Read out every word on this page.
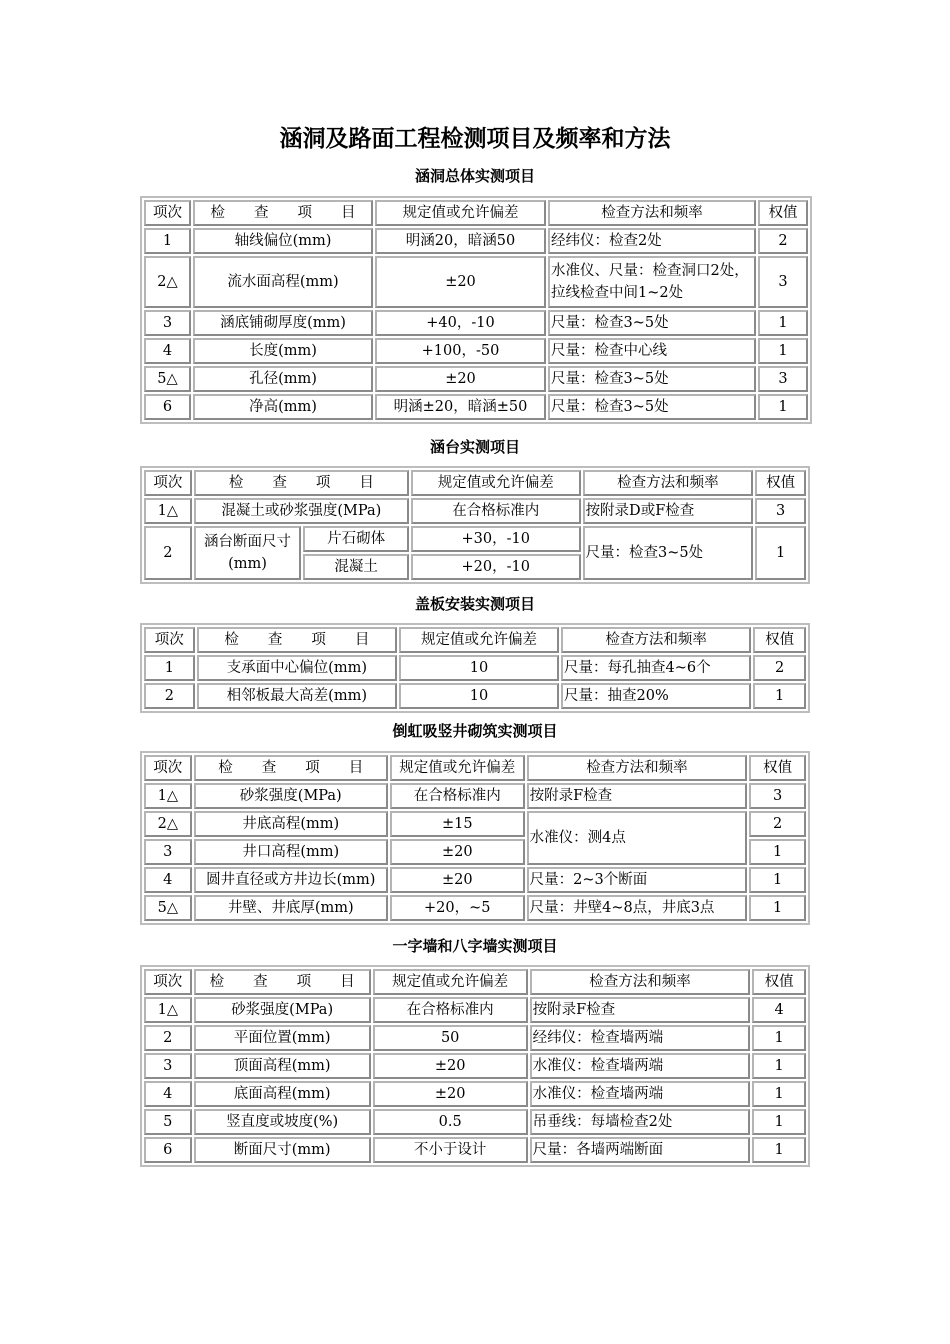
涵洞及路面工程检测项目及频率和方法
涵洞总体实测项目
项次	检　　查　　项　　目	规定值或允许偏差	检查方法和频率	权值
1	轴线偏位(mm)	明涵20，暗涵50	经纬仪：检查2处	2
2△	流水面高程(mm)	±20	水准仪、尺量：检查洞口2处，拉线检查中间1~2处	3
3	涵底铺砌厚度(mm)	+40，-10	尺量：检查3~5处	1
4	长度(mm)	+100，-50	尺量：检查中心线	1
5△	孔径(mm)	±20	尺量：检查3~5处	3
6	净高(mm)	明涵±20，暗涵±50	尺量：检查3~5处	1
涵台实测项目
项次	检　　查　　项　　目		规定值或允许偏差	检查方法和频率	权值
1△	混凝土或砂浆强度(MPa)		在合格标准内	按附录D或F检查	3
2	涵台断面尺寸(mm)	片石砌体	+30，-10	尺量：检查3~5处	1
		混凝土	+20，-10		
盖板安装实测项目
项次	检　　查　　项　　目	规定值或允许偏差	检查方法和频率	权值
1	支承面中心偏位(mm)	10	尺量：每孔抽查4~6个	2
2	相邻板最大高差(mm)	10	尺量：抽查20%	1
倒虹吸竖井砌筑实测项目
项次	检　　查　　项　　目	规定值或允许偏差	检查方法和频率	权值
1△	砂浆强度(MPa)	在合格标准内	按附录F检查	3
2△	井底高程(mm)	±15	水准仪：测4点	2
3	井口高程(mm)	±20		1
4	圆井直径或方井边长(mm)	±20	尺量：2~3个断面	1
5△	井壁、井底厚(mm)	+20，~5	尺量：井壁4~8点，井底3点	1
一字墙和八字墙实测项目
项次	检　　查　　项　　目	规定值或允许偏差	检查方法和频率	权值
1△	砂浆强度(MPa)	在合格标准内	按附录F检查	4
2	平面位置(mm)	50	经纬仪：检查墙两端	1
3	顶面高程(mm)	±20	水准仪：检查墙两端	1
4	底面高程(mm)	±20	水准仪：检查墙两端	1
5	竖直度或坡度(%)	0.5	吊垂线：每墙检查2处	1
6	断面尺寸(mm)	不小于设计	尺量：各墙两端断面	1
